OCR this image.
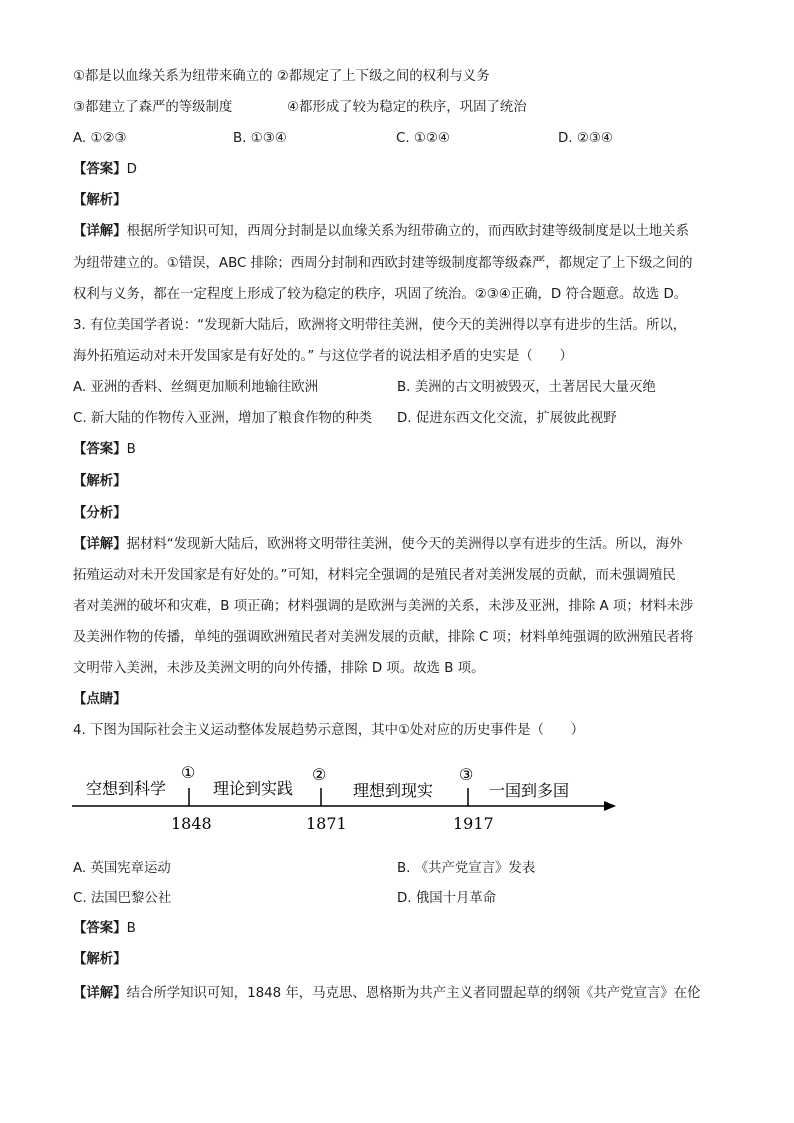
①都是以血缘关系为纽带来确立的 ②都规定了上下级之间的权利与义务
③都建立了森严的等级制度	④都形成了较为稳定的秩序，巩固了统治
A. ①②③	B. ①③④	C. ①②④	D. ②③④
【答案】D
【解析】
【详解】根据所学知识可知，西周分封制是以血缘关系为纽带确立的，而西欧封建等级制度是以土地关系
为纽带建立的。①错误，ABC 排除；西周分封制和西欧封建等级制度都等级森严，都规定了上下级之间的
权利与义务，都在一定程度上形成了较为稳定的秩序，巩固了统治。②③④正确，D 符合题意。故选 D。
3. 有位美国学者说：“发现新大陆后，欧洲将文明带往美洲，使今天的美洲得以享有进步的生活。所以，
海外拓殖运动对未开发国家是有好处的。” 与这位学者的说法相矛盾的史实是（　　）
A. 亚洲的香料、丝绸更加顺利地输往欧洲	B. 美洲的古文明被毁灭，土著居民大量灭绝
C. 新大陆的作物传入亚洲，增加了粮食作物的种类 D. 促进东西文化交流，扩展彼此视野
【答案】B
【解析】
【分析】
【详解】据材料“发现新大陆后，欧洲将文明带往美洲，使今天的美洲得以享有进步的生活。所以，海外
拓殖运动对未开发国家是有好处的。”可知，材料完全强调的是殖民者对美洲发展的贡献，而未强调殖民
者对美洲的破坏和灾难，B 项正确；材料强调的是欧洲与美洲的关系，未涉及亚洲，排除 A 项；材料未涉
及美洲作物的传播，单纯的强调欧洲殖民者对美洲发展的贡献，排除 C 项；材料单纯强调的欧洲殖民者将
文明带入美洲，未涉及美洲文明的向外传播，排除 D 项。故选 B 项。
【点睛】
4. 下图为国际社会主义运动整体发展趋势示意图，其中①处对应的历史事件是（　　）
空想到科学	理论到实践	理想到现实	一国到多国
①	②	③
1848	1871	1917
A. 英国宪章运动	B. 《共产党宣言》发表
C. 法国巴黎公社	D. 俄国十月革命
【答案】B
【解析】
【详解】结合所学知识可知，1848 年，马克思、恩格斯为共产主义者同盟起草的纲领《共产党宣言》在伦
